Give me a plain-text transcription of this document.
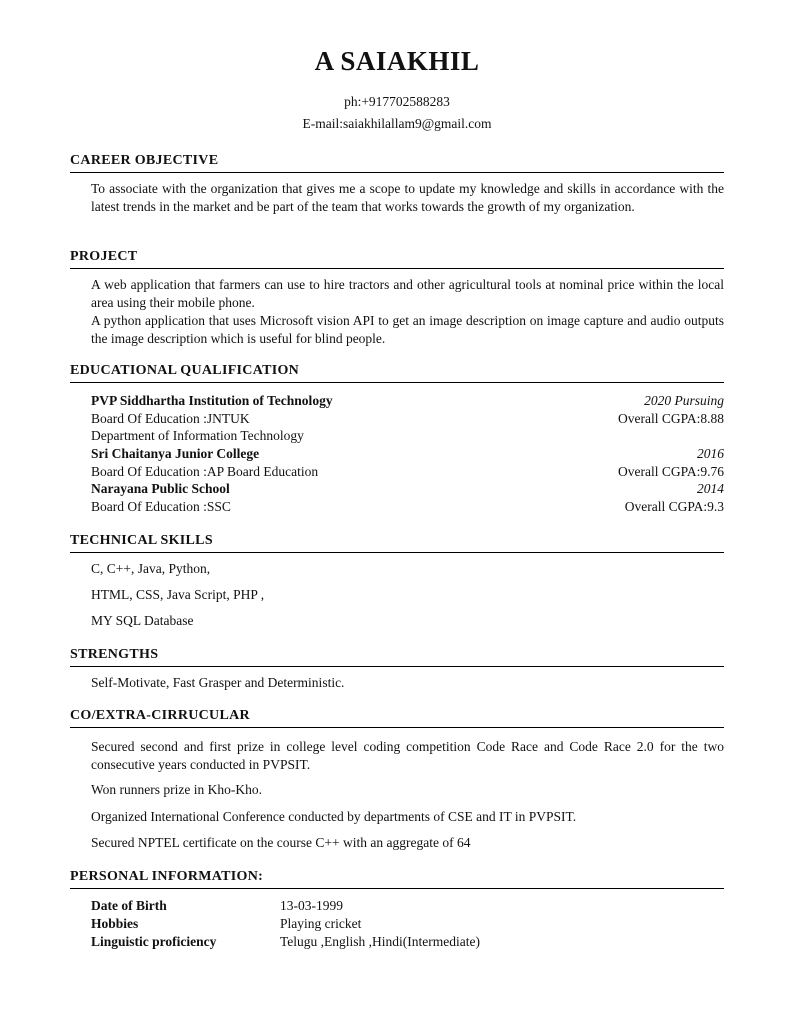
A SAIAKHIL
ph:+917702588283
E-mail:saiakhilallam9@gmail.com
CAREER OBJECTIVE
To associate with the organization that gives me a scope to update my knowledge and skills in accordance with the latest trends in the market and be part of the team that works towards the growth of my organization.
PROJECT
A web application that farmers can use to hire tractors and other agricultural tools at nominal price within the local area using their mobile phone.
A python application that uses Microsoft vision API to get an image description on image capture and audio outputs the image description which is useful for blind people.
EDUCATIONAL QUALIFICATION
PVP Siddhartha Institution of Technology	2020 Pursuing
Board Of Education :JNTUK	Overall CGPA:8.88
Department of Information Technology
Sri Chaitanya Junior College	2016
Board Of Education :AP Board Education	Overall CGPA:9.76
Narayana Public School	2014
Board Of Education :SSC	Overall CGPA:9.3
TECHNICAL SKILLS
C, C++, Java, Python,
HTML, CSS, Java Script, PHP ,
MY SQL Database
STRENGTHS
Self-Motivate, Fast Grasper and Deterministic.
CO/EXTRA-CIRRUCULAR
Secured second and first prize in college level coding competition Code Race and Code Race 2.0 for the two consecutive years conducted in PVPSIT.
Won runners prize in Kho-Kho.
Organized International Conference conducted by departments of CSE and IT in PVPSIT.
Secured NPTEL certificate on the course C++ with an aggregate of 64
PERSONAL INFORMATION:
Date of Birth	13-03-1999
Hobbies	Playing cricket
Linguistic proficiency	Telugu ,English ,Hindi(Intermediate)
